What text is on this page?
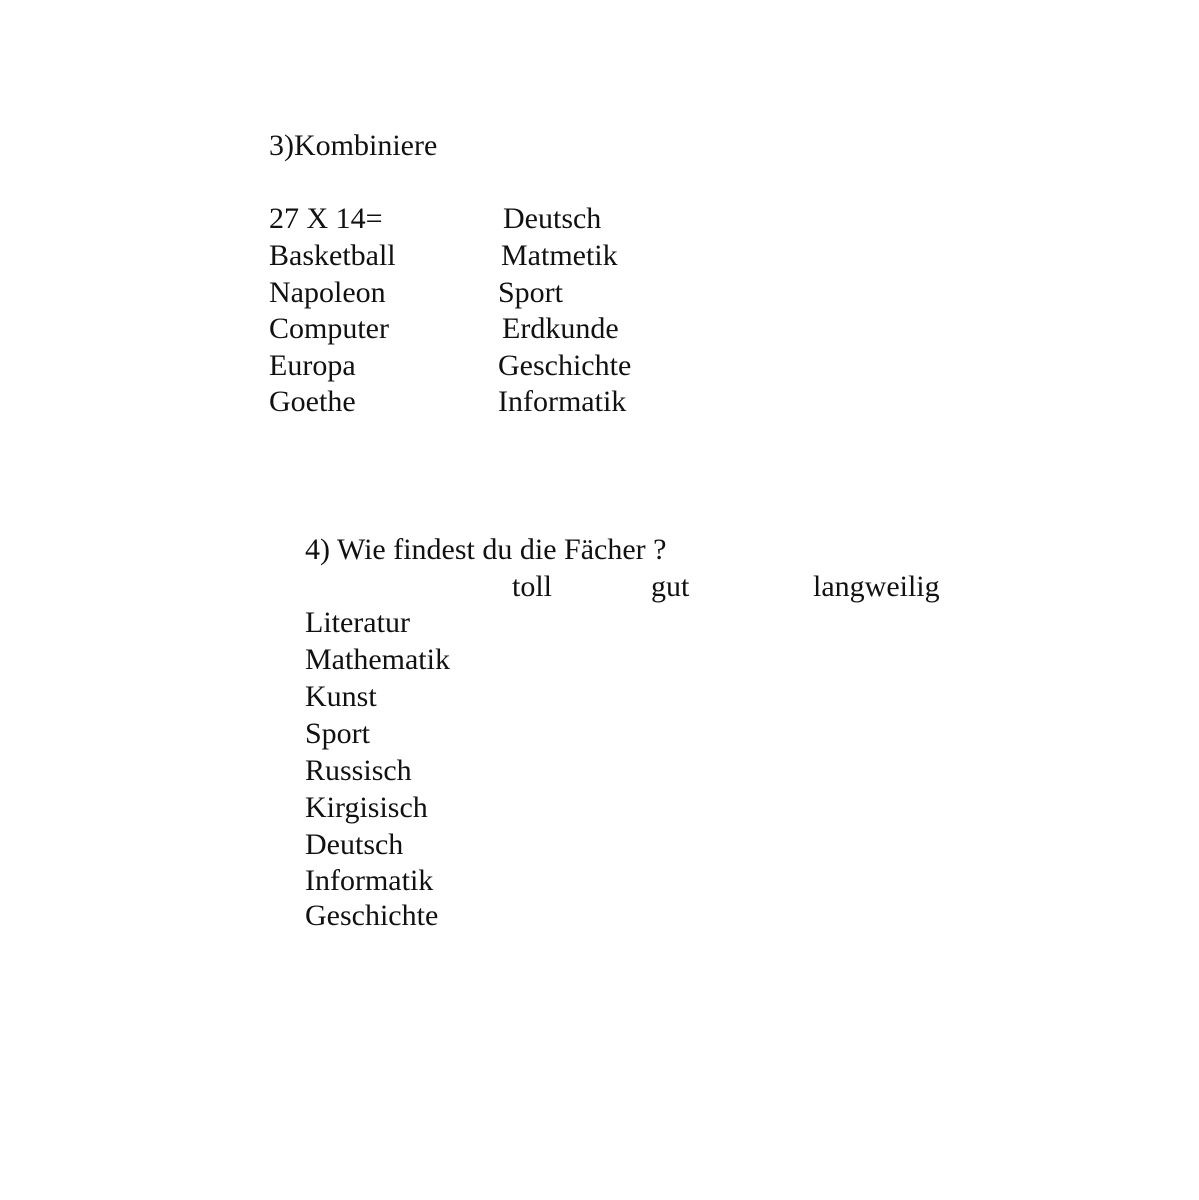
3)Kombiniere
27 X 14=
Basketball
Napoleon
Computer
Europa
Goethe
Deutsch
Matmetik
Sport
Erdkunde
Geschichte
Informatik
4) Wie findest du die Fächer ?
toll	gut	langweilig
Literatur
Mathematik
Kunst
Sport
Russisch
Kirgisisch
Deutsch
Informatik
Geschichte
